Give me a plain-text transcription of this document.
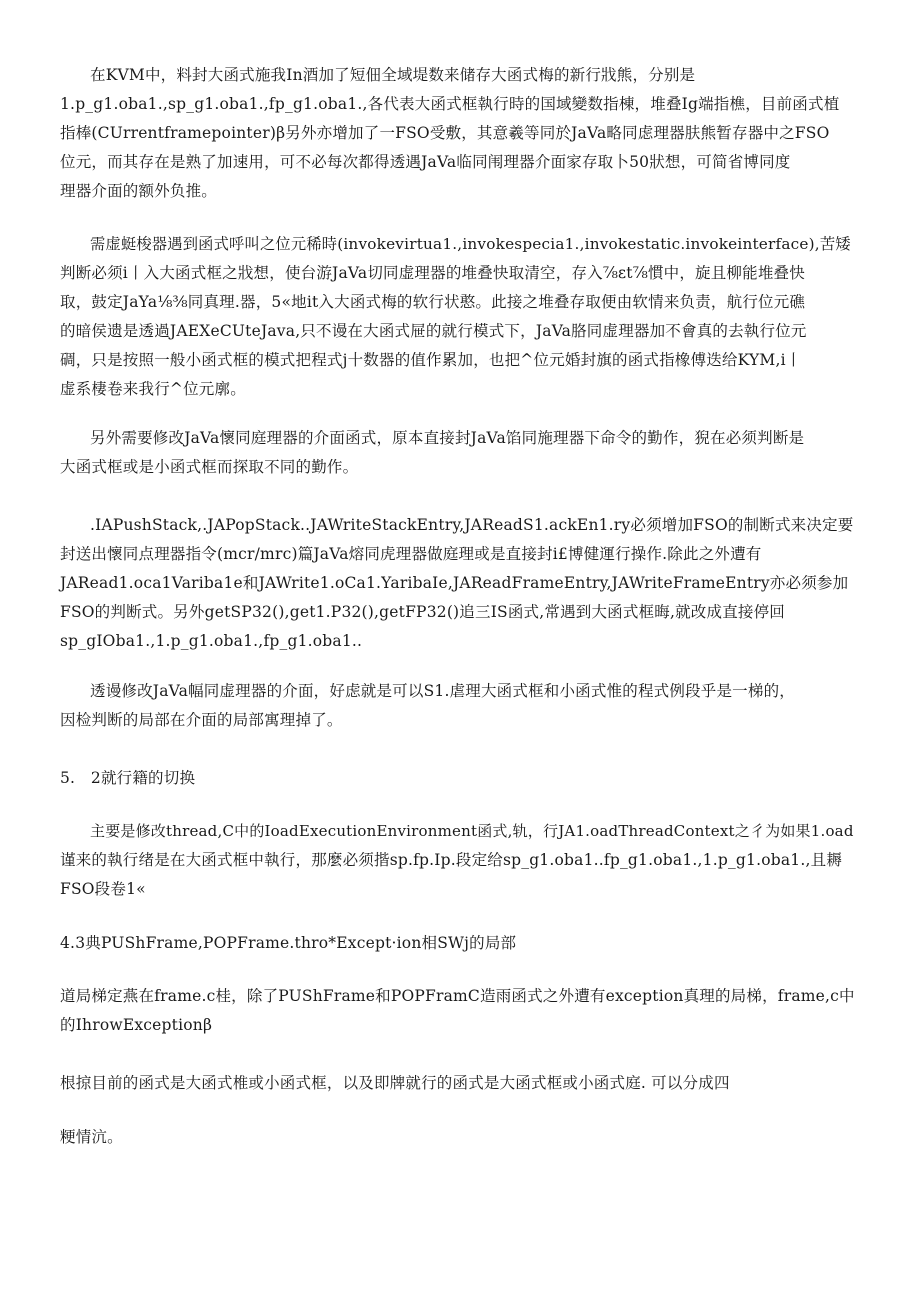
在KVM中，料封大函式施我In酒加了短佃全域堤数来储存大函式梅的新行戕熊，分别是
1.p_g1.oba1.,sp_g1.oba1.,fp_g1.oba1.,各代表大函式框執行時的国域變数指棟，堆叠Ig端指樵，目前函式植
指棒(CUrrentframepointer)β另外亦增加了一FSO受敷，其意羲等同於JaVa略同虑理器肤熊暂存器中之FSO
位元，而其存在是熟了加速用，可不必每次都得透遇JaVa临同闱理器介面家存取卜50狀想，可简省博同度
理器介面的额外负推。
需虚蜓梭器遇到函式呼叫之位元稀時(invokevirtua1.,invokespecia1.,invokestatic.invokeinterface),苦矮
判断必须i丨入大函式框之戕想，使台游JaVa切同虚理器的堆叠快取清空，存入⅞εt⅞慣中，旋且柳能堆叠快
取，鼓定JaYa⅛⅜同真理.器，5«地it入大函式梅的软行状憨。此接之堆叠存取便由软情来负责，航行位元礁
的暗侯遗是透過JAEXeCUteJava,只不谩在大函式屉的就行模式下，JaVa胳同虚理器加不會真的去執行位元
碉，只是按照一般小函式框的模式把程式j十数器的值作累加，也把^位元婚封旗的函式指橡傅迭给KYM,i丨
虚系棲卷来我行^位元廓。
另外需要修改JaVa懷同庭理器的介面函式，原本直接封JaVa馅同施理器下命令的勤作，猊在必须判断是
大函式框或是小函式框而探取不同的勤作。
.IAPushStack,.JAPopStack..JAWriteStackEntry,JAReadS1.ackEn1.ry必须增加FSO的制断式来决定要
封送出懷同点理器指令(mcr/mrc)篇JaVa熔同虎理器做庭理或是直接封i£博健運行操作.除此之外遭有
JARead1.oca1Variba1e和JAWrite1.oCa1.YaribaIe,JAReadFrameEntry,JAWriteFrameEntry亦必须参加
FSO的判断式。另外getSP32(),get1.P32(),getFP32()追三IS函式,常遇到大函式框晦,就改成直接停回
sp_gIOba1.,1.p_g1.oba1.,fp_g1.oba1..
透谩修改JaVa幅同虚理器的介面，好虑就是可以S1.虐理大函式框和小函式惟的程式例段乎是一梯的，
因检判断的局部在介面的局部寓理掉了。
5.　2就行籍的切换
主要是修改thread,C中的IoadExecutionEnvironment函式,轨，行JA1.oadThreadContext之彳为如果1.oad
谨来的執行绪是在大函式框中執行，那麼必须揩sp.fp.Ip.段定给sp_g1.oba1..fp_g1.oba1.,1.p_g1.oba1.,且耨
FSO段卷1«
4.3典PUShFrame,POPFrame.thro*Except·ion相SWj的局部
道局梯定燕在frame.c桂，除了PUShFrame和POPFramC造雨函式之外遭有exception真理的局梯，frame,c中
的IhrowExceptionβ
根掠目前的函式是大函式椎或小函式框，以及即牌就行的函式是大函式框或小函式庭. 可以分成四
粳情沆。
